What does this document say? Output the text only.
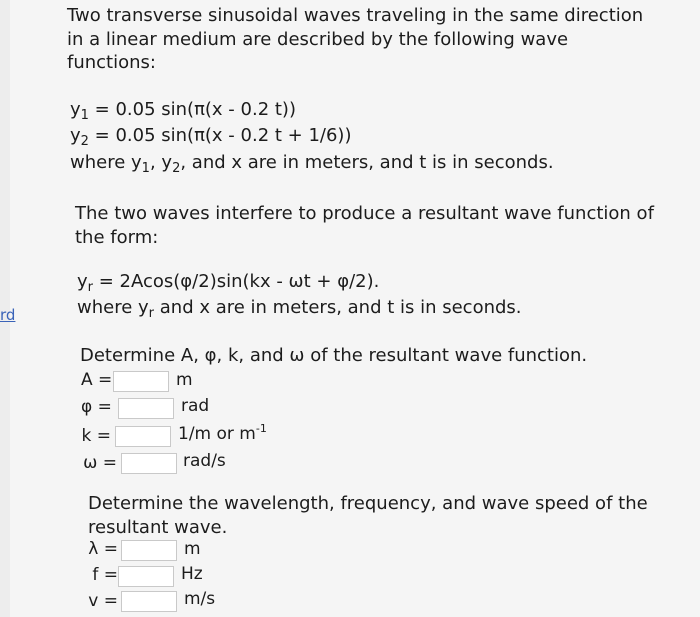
rd
Two transverse sinusoidal waves traveling in the same direction
in a linear medium are described by the following wave
functions:
$y_1 = 0.05$ sin(π(x - 0.2 t))
$y_2 = 0.05$ sin(π(x - 0.2 t + 1/6))
where $y_1$, $y_2$, and x are in meters, and t is in seconds.
The two waves interfere to produce a resultant wave function of
the form:
$y_r = 2Acos(\varphi/2)\sin(kx - \omega t + \varphi/2)$.
where $y_r$ and x are in meters, and t is in seconds.
Determine A, φ, k, and ω of the resultant wave function.
A =	m
φ =	rad
k =	1/m or $m^{-1}$
ω =	rad/s
Determine the wavelength, frequency, and wave speed of the
resultant wave.
λ =	m
f =	Hz
v =	m/s
